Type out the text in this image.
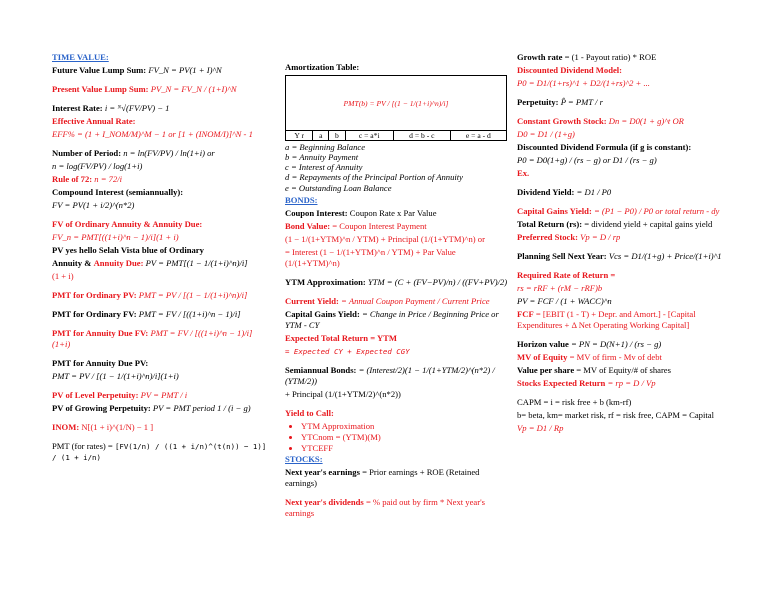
TIME VALUE:
Future Value Lump Sum: FV_N = PV(1 + I)^N
Present Value Lump Sum: PV_N = FV_N / (1+I)^N
Interest Rate: i = ᴺ√(FV/PV) − 1
Effective Annual Rate:
EFF% = (1 + I_NOM/M)^M − 1 or [1 + (INOM/I)]^N - 1
Number of Period: n = ln(FV/PV) / ln(1+i) or
n = log(FV/PV) / log(1+i)
Rule of 72: n = 72/i
Compound Interest (semiannually):
FV = PV(1 + i/2)^(n*2)
FV of Ordinary Annuity & Annuity Due:
FV_n = PMT[((1+i)^n − 1)/i](1 + i)
PV yes hello Selah Vista blue of Ordinary
Annuity & Annuity Due: PV = PMT[(1 − 1/(1+i)^n)/i]
(1 + i)
PMT for Ordinary PV: PMT = PV / [(1 − 1/(1+i)^n)/i]
PMT for Ordinary FV: PMT = FV / [((1+i)^n − 1)/i]
PMT for Annuity Due FV: PMT = FV / [((1+i)^n − 1)/i](1+i)
PMT for Annuity Due PV:
PMT = PV / [(1 − 1/(1+i)^n)/i](1+i)
PV of Level Perpetuity: PV = PMT / i
PV of Growing Perpetuity: PV = PMT period 1 / (i − g)
INOM: N[(1 + i)^(1/N) − 1 ]
PMT (for rates) = [FV(1/n) / ((1 + i/n)^(t(n)) − 1)] / (1 + i/n)
Amortization Table:
PMT(b) = PV / [(1 − 1/(1+i)^n)/i]
Y r	a	b	c = a*i	d = b - c	e = a - d
a = Beginning Balance
b = Annuity Payment
c = Interest of Annuity
d = Repayments of the Principal Portion of Annuity
e = Outstanding Loan Balance
BONDS:
Coupon Interest: Coupon Rate x Par Value
Bond Value: = Coupon Interest Payment
(1 − 1/(1+YTM)^n / YTM) + Principal (1/(1+YTM)^n) or
= Interest (1 − 1/(1+YTM)^n / YTM) + Par Value (1/(1+YTM)^n)
YTM Approximation: YTM = (C + (FV−PV)/n) / ((FV+PV)/2)
Current Yield: = Annual Coupon Payment / Current Price
Capital Gains Yield: = Change in Price / Beginning Price or YTM - CY
Expected Total Return = YTM
= Expected CY + Expected CGY
Semiannual Bonds: = (Interest/2)(1 − 1/(1+YTM/2)^(n*2) / (YTM/2))
+ Principal (1/(1+YTM/2)^(n*2))
Yield to Call:
• YTM Approximation
• YTCnom = (YTM)(M)
• YTCEFF
STOCKS:
Next year's earnings = Prior earnings + ROE (Retained earnings)
Next year's dividends = % paid out by firm * Next year's earnings
Growth rate = (1 - Payout ratio) * ROE
Discounted Dividend Model:
P0 = D1/(1+rs)^1 + D2/(1+rs)^2 + ...
Perpetuity: P̂ = PMT / r
Constant Growth Stock: Dn = D0(1 + g)^t OR
D0 = D1 / (1+g)
Discounted Dividend Formula (if g is constant):
P0 = D0(1+g) / (rs − g) or D1 / (rs − g)
Ex.
Dividend Yield: = D1 / P0
Capital Gains Yield: = (P1 − P0) / P0 or total return - dy
Total Return (rs): = dividend yield + capital gains yield
Preferred Stock: Vp = D / rp
Planning Sell Next Year: Vcs = D1/(1+g) + Price/(1+i)^1
Required Rate of Return =
rs = rRF + (rM − rRF)b
PV = FCF / (1 + WACC)^n
FCF = [EBIT (1 - T) + Depr. and Amort.] - [Capital Expenditures + Δ Net Operating Working Capital]
Horizon value = PN = D(N+1) / (rs − g)
MV of Equity = MV of firm - Mv of debt
Value per share = MV of Equity/# of shares
Stocks Expected Return = rp = D / Vp
CAPM = i = risk free + b (km-rf)
b= beta, km= market risk, rf = risk free, CAPM = Capital
Vp = D1 / Rp
